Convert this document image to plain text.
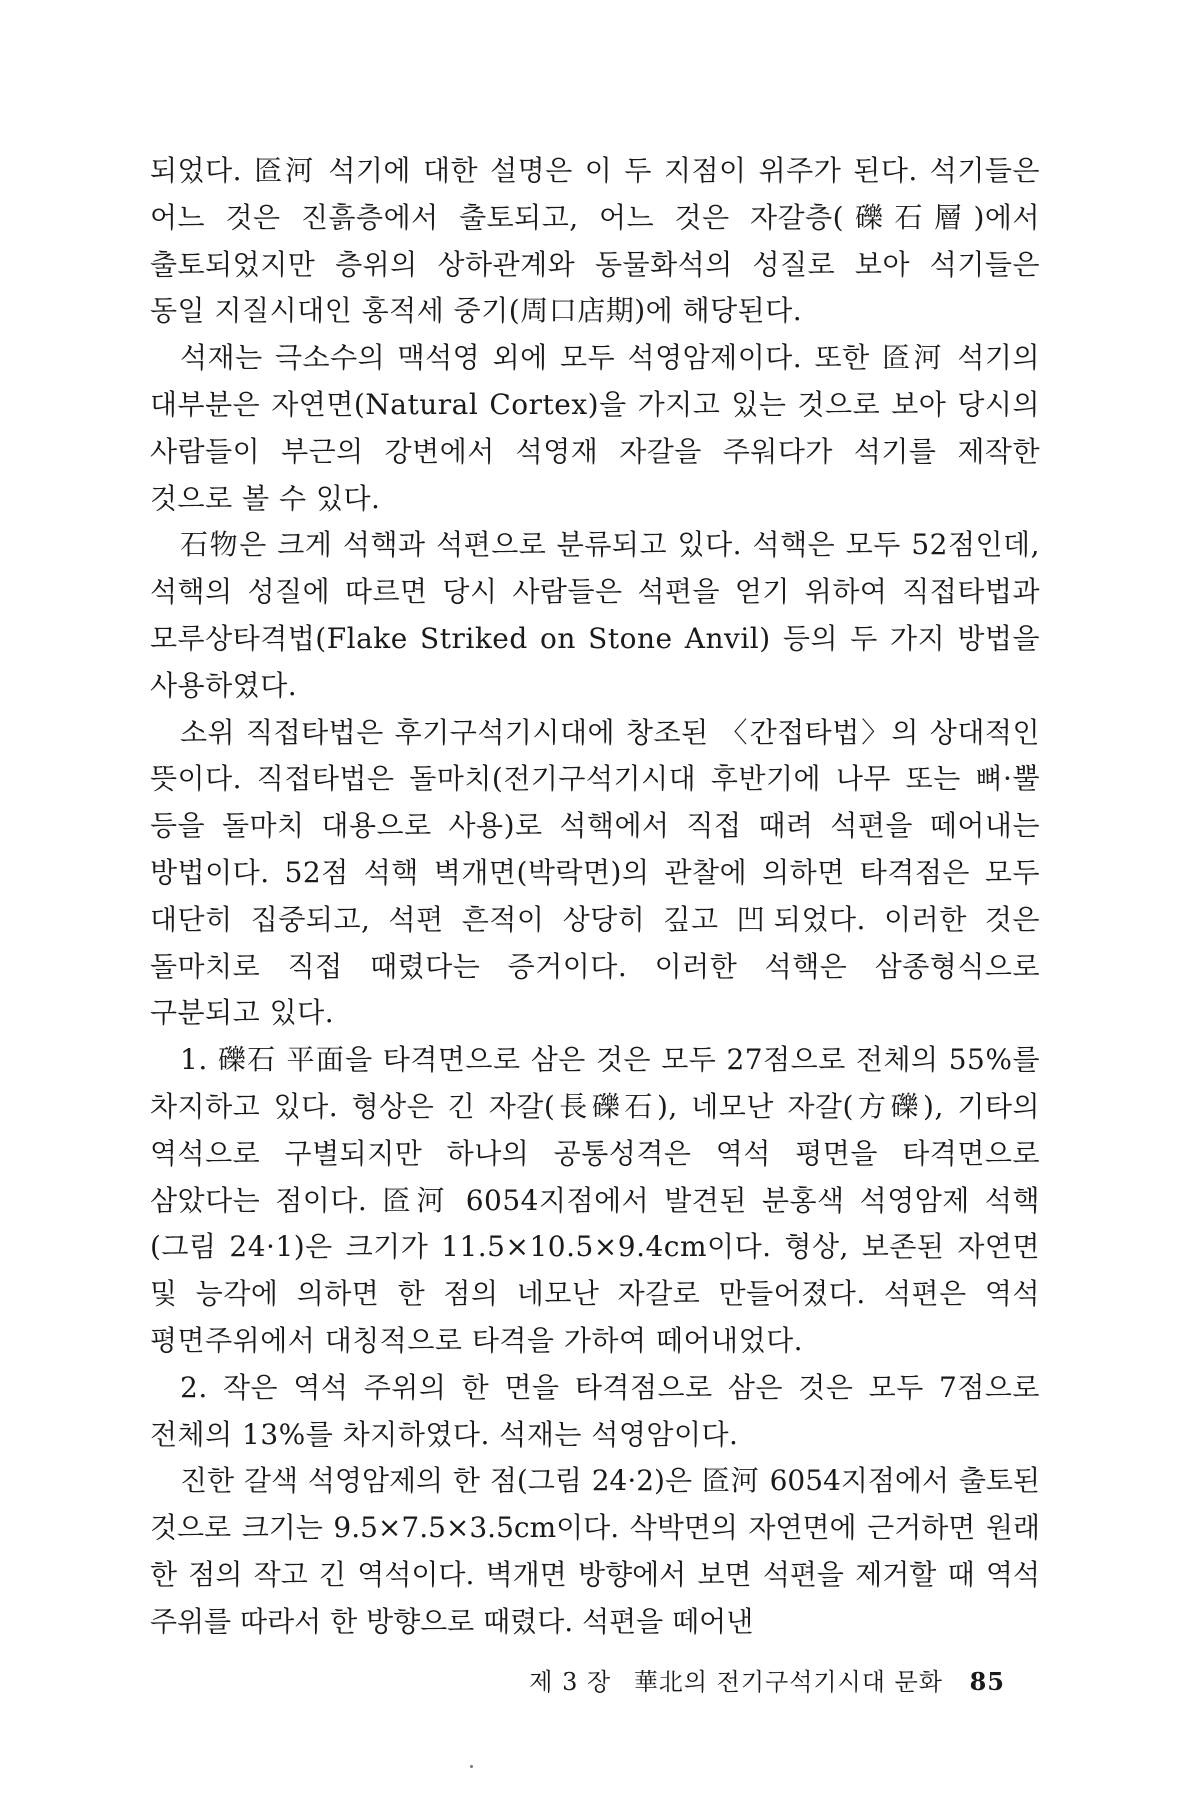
되었다. 匼河 석기에 대한 설명은 이 두 지점이 위주가 된다. 석기들은 어느 것은 진흙층에서 출토되고, 어느 것은 자갈층(礫石層)에서 출토되었지만 층위의 상하관계와 동물화석의 성질로 보아 석기들은 동일 지질시대인 홍적세 중기(周口店期)에 해당된다.

석재는 극소수의 맥석영 외에 모두 석영암제이다. 또한 匼河 석기의 대부분은 자연면(Natural Cortex)을 가지고 있는 것으로 보아 당시의 사람들이 부근의 강변에서 석영재 자갈을 주워다가 석기를 제작한 것으로 볼 수 있다.

石物은 크게 석핵과 석편으로 분류되고 있다. 석핵은 모두 52점인데, 석핵의 성질에 따르면 당시 사람들은 석편을 얻기 위하여 직접타법과 모루상타격법(Flake Striked on Stone Anvil) 등의 두 가지 방법을 사용하였다.

소위 직접타법은 후기구석기시대에 창조된 〈간접타법〉의 상대적인 뜻이다. 직접타법은 돌마치(전기구석기시대 후반기에 나무 또는 뼈·뿔 등을 돌마치 대용으로 사용)로 석핵에서 직접 때려 석편을 떼어내는 방법이다. 52점 석핵 벽개면(박락면)의 관찰에 의하면 타격점은 모두 대단히 집중되고, 석편 흔적이 상당히 깊고 凹되었다. 이러한 것은 돌마치로 직접 때렸다는 증거이다. 이러한 석핵은 삼종형식으로 구분되고 있다.

1. 礫石 平面을 타격면으로 삼은 것은 모두 27점으로 전체의 55%를 차지하고 있다. 형상은 긴 자갈(長礫石), 네모난 자갈(方礫), 기타의 역석으로 구별되지만 하나의 공통성격은 역석 평면을 타격면으로 삼았다는 점이다. 匼河 6054지점에서 발견된 분홍색 석영암제 석핵(그림 24·1)은 크기가 11.5×10.5×9.4cm이다. 형상, 보존된 자연면 및 능각에 의하면 한 점의 네모난 자갈로 만들어졌다. 석편은 역석 평면주위에서 대칭적으로 타격을 가하여 떼어내었다.

2. 작은 역석 주위의 한 면을 타격점으로 삼은 것은 모두 7점으로 전체의 13%를 차지하였다. 석재는 석영암이다.

진한 갈색 석영암제의 한 점(그림 24·2)은 匼河 6054지점에서 출토된 것으로 크기는 9.5×7.5×3.5cm이다. 삭박면의 자연면에 근거하면 원래 한 점의 작고 긴 역석이다. 벽개면 방향에서 보면 석편을 제거할 때 역석 주위를 따라서 한 방향으로 때렸다. 석편을 떼어낸

제 3 장 華北의 전기구석기시대 문화 85
